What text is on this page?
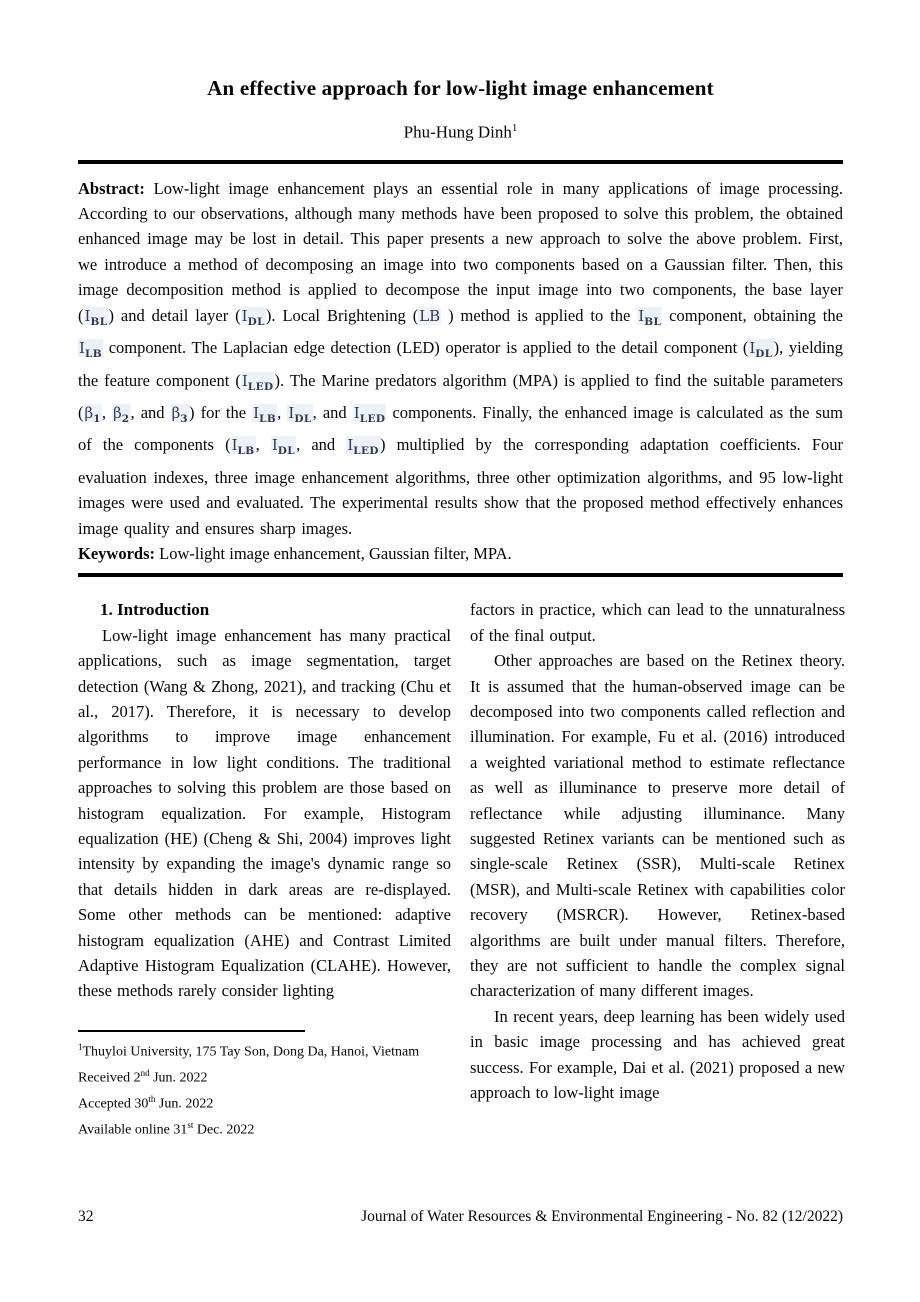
An effective approach for low-light image enhancement
Phu-Hung Dinh$^1$

Abstract: Low-light image enhancement plays an essential role in many applications of image processing. According to our observations, although many methods have been proposed to solve this problem, the obtained enhanced image may be lost in detail. This paper presents a new approach to solve the above problem. First, we introduce a method of decomposing an image into two components based on a Gaussian filter. Then, this image decomposition method is applied to decompose the input image into two components, the base layer $(I_{BL})$ and detail layer $(I_{DL})$. Local Brightening (LB ) method is applied to the $I_{BL}$ component, obtaining the $I_{LB}$ component. The Laplacian edge detection (LED) operator is applied to the detail component $(I_{DL})$, yielding the feature component $(I_{LED})$. The Marine predators algorithm (MPA) is applied to find the suitable parameters ($\beta_1$, $\beta_2$, and $\beta_3$) for the $I_{LB}$, $I_{DL}$, and $I_{LED}$ components. Finally, the enhanced image is calculated as the sum of the components ($I_{LB}$, $I_{DL}$, and $I_{LED}$) multiplied by the corresponding adaptation coefficients. Four evaluation indexes, three image enhancement algorithms, three other optimization algorithms, and 95 low-light images were used and evaluated. The experimental results show that the proposed method effectively enhances image quality and ensures sharp images.

Keywords: Low-light image enhancement, Gaussian filter, MPA.

1. Introduction

Low-light image enhancement has many practical applications, such as image segmentation, target detection (Wang & Zhong, 2021), and tracking (Chu et al., 2017). Therefore, it is necessary to develop algorithms to improve image enhancement performance in low light conditions. The traditional approaches to solving this problem are those based on histogram equalization. For example, Histogram equalization (HE) (Cheng & Shi, 2004) improves light intensity by expanding the image's dynamic range so that details hidden in dark areas are re-displayed. Some other methods can be mentioned: adaptive histogram equalization (AHE) and Contrast Limited Adaptive Histogram Equalization (CLAHE). However, these methods rarely consider lighting

$^1$Thuyloi University, 175 Tay Son, Dong Da, Hanoi, Vietnam
Received 2nd Jun. 2022
Accepted 30th Jun. 2022
Available online 31st Dec. 2022

factors in practice, which can lead to the unnaturalness of the final output.

Other approaches are based on the Retinex theory. It is assumed that the human-observed image can be decomposed into two components called reflection and illumination. For example, Fu et al. (2016) introduced a weighted variational method to estimate reflectance as well as illuminance to preserve more detail of reflectance while adjusting illuminance. Many suggested Retinex variants can be mentioned such as single-scale Retinex (SSR), Multi-scale Retinex (MSR), and Multi-scale Retinex with capabilities color recovery (MSRCR). However, Retinex-based algorithms are built under manual filters. Therefore, they are not sufficient to handle the complex signal characterization of many different images.

In recent years, deep learning has been widely used in basic image processing and has achieved great success. For example, Dai et al. (2021) proposed a new approach to low-light image

32	Journal of Water Resources & Environmental Engineering - No. 82 (12/2022)
